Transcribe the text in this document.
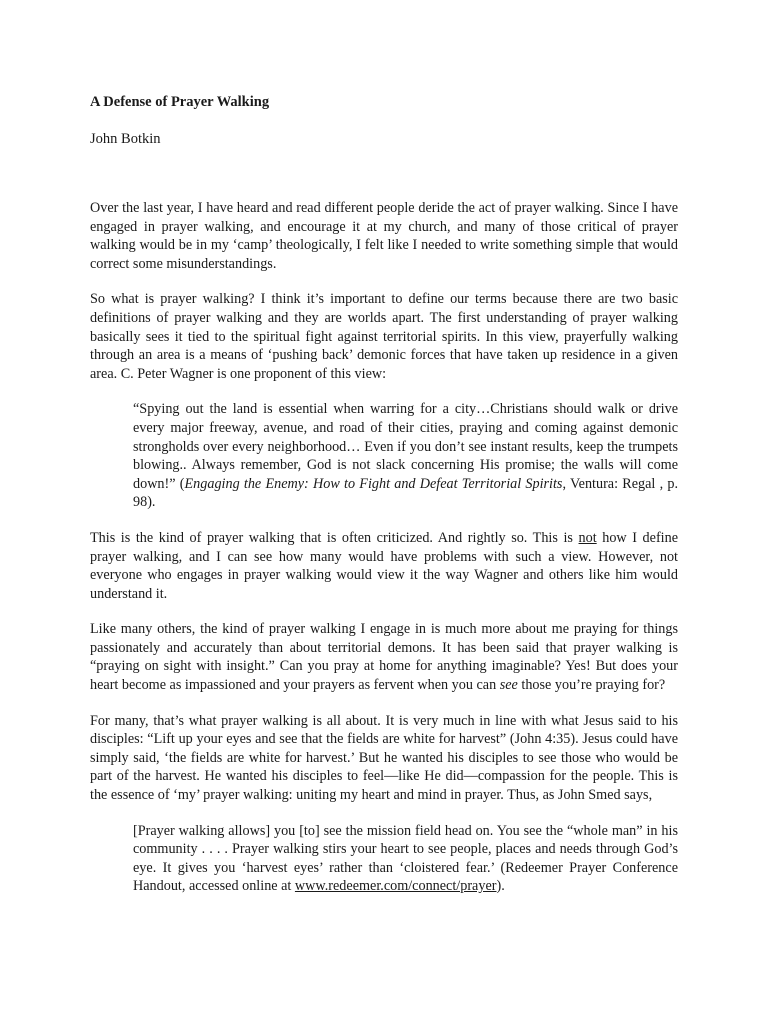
A Defense of Prayer Walking
John Botkin

Over the last year, I have heard and read different people deride the act of prayer walking. Since I have engaged in prayer walking, and encourage it at my church, and many of those critical of prayer walking would be in my ‘camp’ theologically, I felt like I needed to write something simple that would correct some misunderstandings.

So what is prayer walking? I think it’s important to define our terms because there are two basic definitions of prayer walking and they are worlds apart. The first understanding of prayer walking basically sees it tied to the spiritual fight against territorial spirits. In this view, prayerfully walking through an area is a means of ‘pushing back’ demonic forces that have taken up residence in a given area. C. Peter Wagner is one proponent of this view:

“Spying out the land is essential when warring for a city…Christians should walk or drive every major freeway, avenue, and road of their cities, praying and coming against demonic strongholds over every neighborhood… Even if you don’t see instant results, keep the trumpets blowing.. Always remember, God is not slack concerning His promise; the walls will come down!” (Engaging the Enemy: How to Fight and Defeat Territorial Spirits, Ventura: Regal , p. 98).

This is the kind of prayer walking that is often criticized. And rightly so. This is not how I define prayer walking, and I can see how many would have problems with such a view. However, not everyone who engages in prayer walking would view it the way Wagner and others like him would understand it.

Like many others, the kind of prayer walking I engage in is much more about me praying for things passionately and accurately than about territorial demons. It has been said that prayer walking is “praying on sight with insight.” Can you pray at home for anything imaginable? Yes! But does your heart become as impassioned and your prayers as fervent when you can see those you’re praying for?

For many, that’s what prayer walking is all about. It is very much in line with what Jesus said to his disciples: “Lift up your eyes and see that the fields are white for harvest” (John 4:35). Jesus could have simply said, ‘the fields are white for harvest.’ But he wanted his disciples to see those who would be part of the harvest. He wanted his disciples to feel—like He did—compassion for the people. This is the essence of ‘my’ prayer walking: uniting my heart and mind in prayer. Thus, as John Smed says,

[Prayer walking allows] you [to] see the mission field head on. You see the “whole man” in his community . . . . Prayer walking stirs your heart to see people, places and needs through God’s eye. It gives you ‘harvest eyes’ rather than ‘cloistered fear.’ (Redeemer Prayer Conference Handout, accessed online at www.redeemer.com/connect/prayer).
